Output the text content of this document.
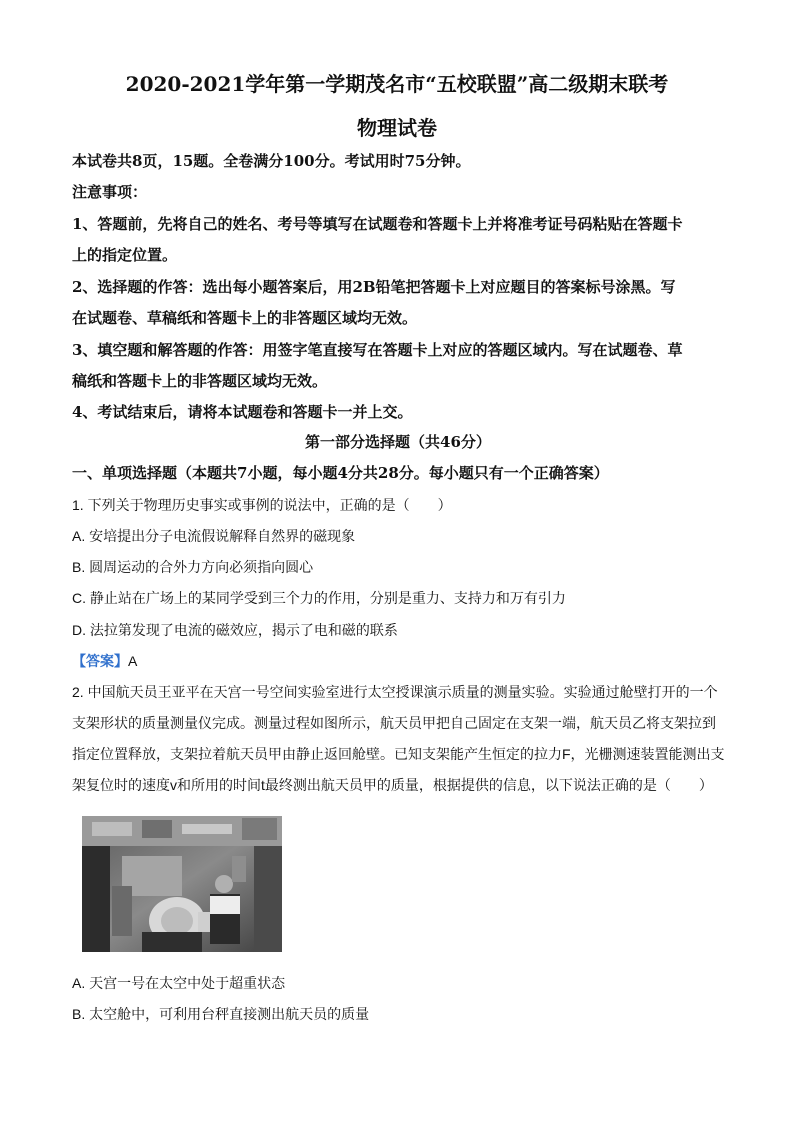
2020-2021学年第一学期茂名市“五校联盟”高二级期末联考
物理试卷
本试卷共8页，15题。全卷满分100分。考试用时75分钟。
注意事项：
1、答题前，先将自己的姓名、考号等填写在试题卷和答题卡上并将准考证号码粘贴在答题卡
上的指定位置。
2、选择题的作答：选出每小题答案后，用2B铅笔把答题卡上对应题目的答案标号涂黑。写
在试题卷、草稿纸和答题卡上的非答题区域均无效。
3、填空题和解答题的作答：用签字笔直接写在答题卡上对应的答题区域内。写在试题卷、草
稿纸和答题卡上的非答题区域均无效。
4、考试结束后，请将本试题卷和答题卡一并上交。
第一部分选择题（共46分）
一、单项选择题（本题共7小题，每小题4分共28分。每小题只有一个正确答案）
1. 下列关于物理历史事实或事例的说法中，正确的是（　　）
A. 安培提出分子电流假说解释自然界的磁现象
B. 圆周运动的合外力方向必须指向圆心
C. 静止站在广场上的某同学受到三个力的作用，分别是重力、支持力和万有引力
D. 法拉第发现了电流的磁效应，揭示了电和磁的联系
【答案】A
2. 中国航天员王亚平在天宫一号空间实验室进行太空授课演示质量的测量实验。实验通过舱壁打开的一个
支架形状的质量测量仪完成。测量过程如图所示，航天员甲把自己固定在支架一端，航天员乙将支架拉到
指定位置释放，支架拉着航天员甲由静止返回舱壁。已知支架能产生恒定的拉力F，光栅测速装置能测出支
架复位时的速度v和所用的时间t最终测出航天员甲的质量，根据提供的信息，以下说法正确的是（　　）
A. 天宫一号在太空中处于超重状态
B. 太空舱中，可利用台秤直接测出航天员的质量
